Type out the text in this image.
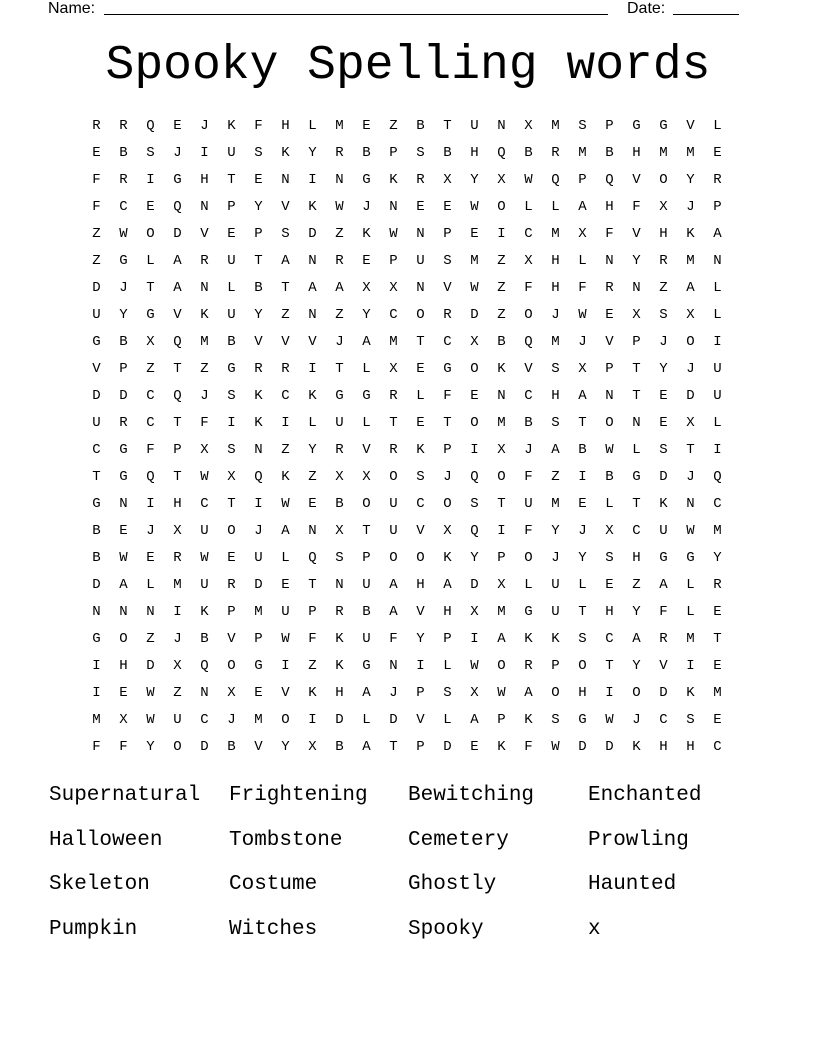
Name:	Date:
Spooky Spelling words
R	R	Q	E	J	K	F	H	L	M	E	Z	B	T	U	N	X	M	S	P	G	G	V	L
E	B	S	J	I	U	S	K	Y	R	B	P	S	B	H	Q	B	R	M	B	H	M	M	E
F	R	I	G	H	T	E	N	I	N	G	K	R	X	Y	X	W	Q	P	Q	V	O	Y	R
F	C	E	Q	N	P	Y	V	K	W	J	N	E	E	W	O	L	L	A	H	F	X	J	P
Z	W	O	D	V	E	P	S	D	Z	K	W	N	P	E	I	C	M	X	F	V	H	K	A
Z	G	L	A	R	U	T	A	N	R	E	P	U	S	M	Z	X	H	L	N	Y	R	M	N
D	J	T	A	N	L	B	T	A	A	X	X	N	V	W	Z	F	H	F	R	N	Z	A	L
U	Y	G	V	K	U	Y	Z	N	Z	Y	C	O	R	D	Z	O	J	W	E	X	S	X	L
G	B	X	Q	M	B	V	V	V	J	A	M	T	C	X	B	Q	M	J	V	P	J	O	I
V	P	Z	T	Z	G	R	R	I	T	L	X	E	G	O	K	V	S	X	P	T	Y	J	U
D	D	C	Q	J	S	K	C	K	G	G	R	L	F	E	N	C	H	A	N	T	E	D	U
U	R	C	T	F	I	K	I	L	U	L	T	E	T	O	M	B	S	T	O	N	E	X	L
C	G	F	P	X	S	N	Z	Y	R	V	R	K	P	I	X	J	A	B	W	L	S	T	I
T	G	Q	T	W	X	Q	K	Z	X	X	O	S	J	Q	O	F	Z	I	B	G	D	J	Q
G	N	I	H	C	T	I	W	E	B	O	U	C	O	S	T	U	M	E	L	T	K	N	C
B	E	J	X	U	O	J	A	N	X	T	U	V	X	Q	I	F	Y	J	X	C	U	W	M
B	W	E	R	W	E	U	L	Q	S	P	O	O	K	Y	P	O	J	Y	S	H	G	G	Y
D	A	L	M	U	R	D	E	T	N	U	A	H	A	D	X	L	U	L	E	Z	A	L	R
N	N	N	I	K	P	M	U	P	R	B	A	V	H	X	M	G	U	T	H	Y	F	L	E
G	O	Z	J	B	V	P	W	F	K	U	F	Y	P	I	A	K	K	S	C	A	R	M	T
I	H	D	X	Q	O	G	I	Z	K	G	N	I	L	W	O	R	P	O	T	Y	V	I	E
I	E	W	Z	N	X	E	V	K	H	A	J	P	S	X	W	A	O	H	I	O	D	K	M
M	X	W	U	C	J	M	O	I	D	L	D	V	L	A	P	K	S	G	W	J	C	S	E
F	F	Y	O	D	B	V	Y	X	B	A	T	P	D	E	K	F	W	D	D	K	H	H	C
Supernatural Frightening Bewitching	Enchanted
Halloween	Tombstone	Cemetery	Prowling
Skeleton	Costume	Ghostly	Haunted
Pumpkin	Witches	Spooky	x
